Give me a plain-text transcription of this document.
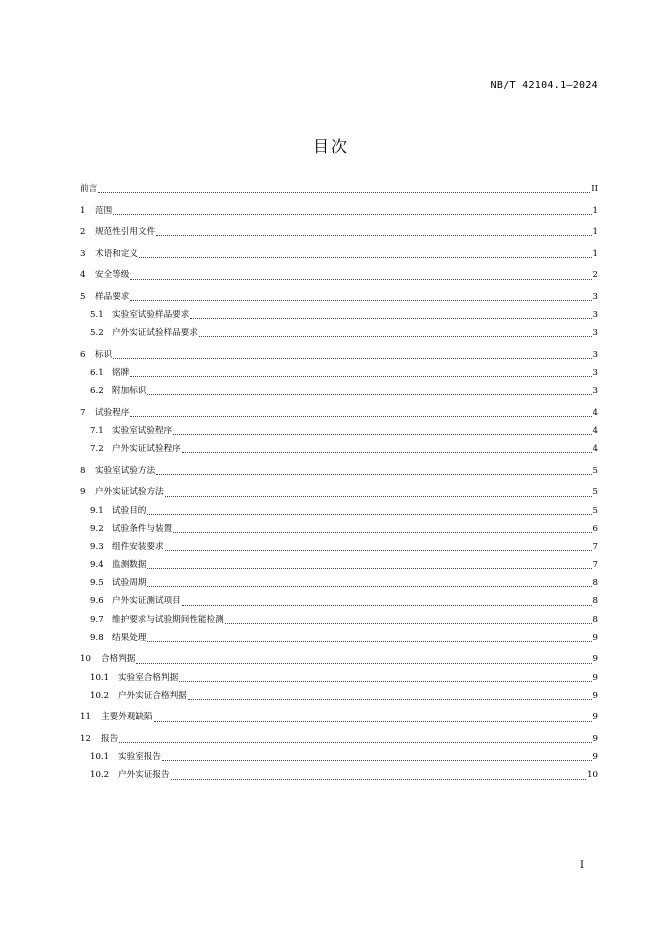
NB/T 42104.1—2024
目次
前言	II
1	范围	1
2	规范性引用文件	1
3	术语和定义	1
4	安全等级	2
5	样品要求	3
5.1 实验室试验样品要求	3
5.2 户外实证试验样品要求	3
6	标识	3
6.1 铭牌	3
6.2 附加标识	3
7	试验程序	4
7.1 实验室试验程序	4
7.2 户外实证试验程序	4
8	实验室试验方法	5
9	户外实证试验方法	5
9.1 试验目的	5
9.2 试验条件与装置	6
9.3 组件安装要求	7
9.4 监测数据	7
9.5 试验周期	8
9.6 户外实证测试项目	8
9.7 维护要求与试验期间性能检测	8
9.8 结果处理	9
10	合格判据	9
10.1	实验室合格判据	9
10.2	户外实证合格判据	9
11	主要外观缺陷	9
12	报告	9
10.1	实验室报告	9
10.2	户外实证报告	10
I
